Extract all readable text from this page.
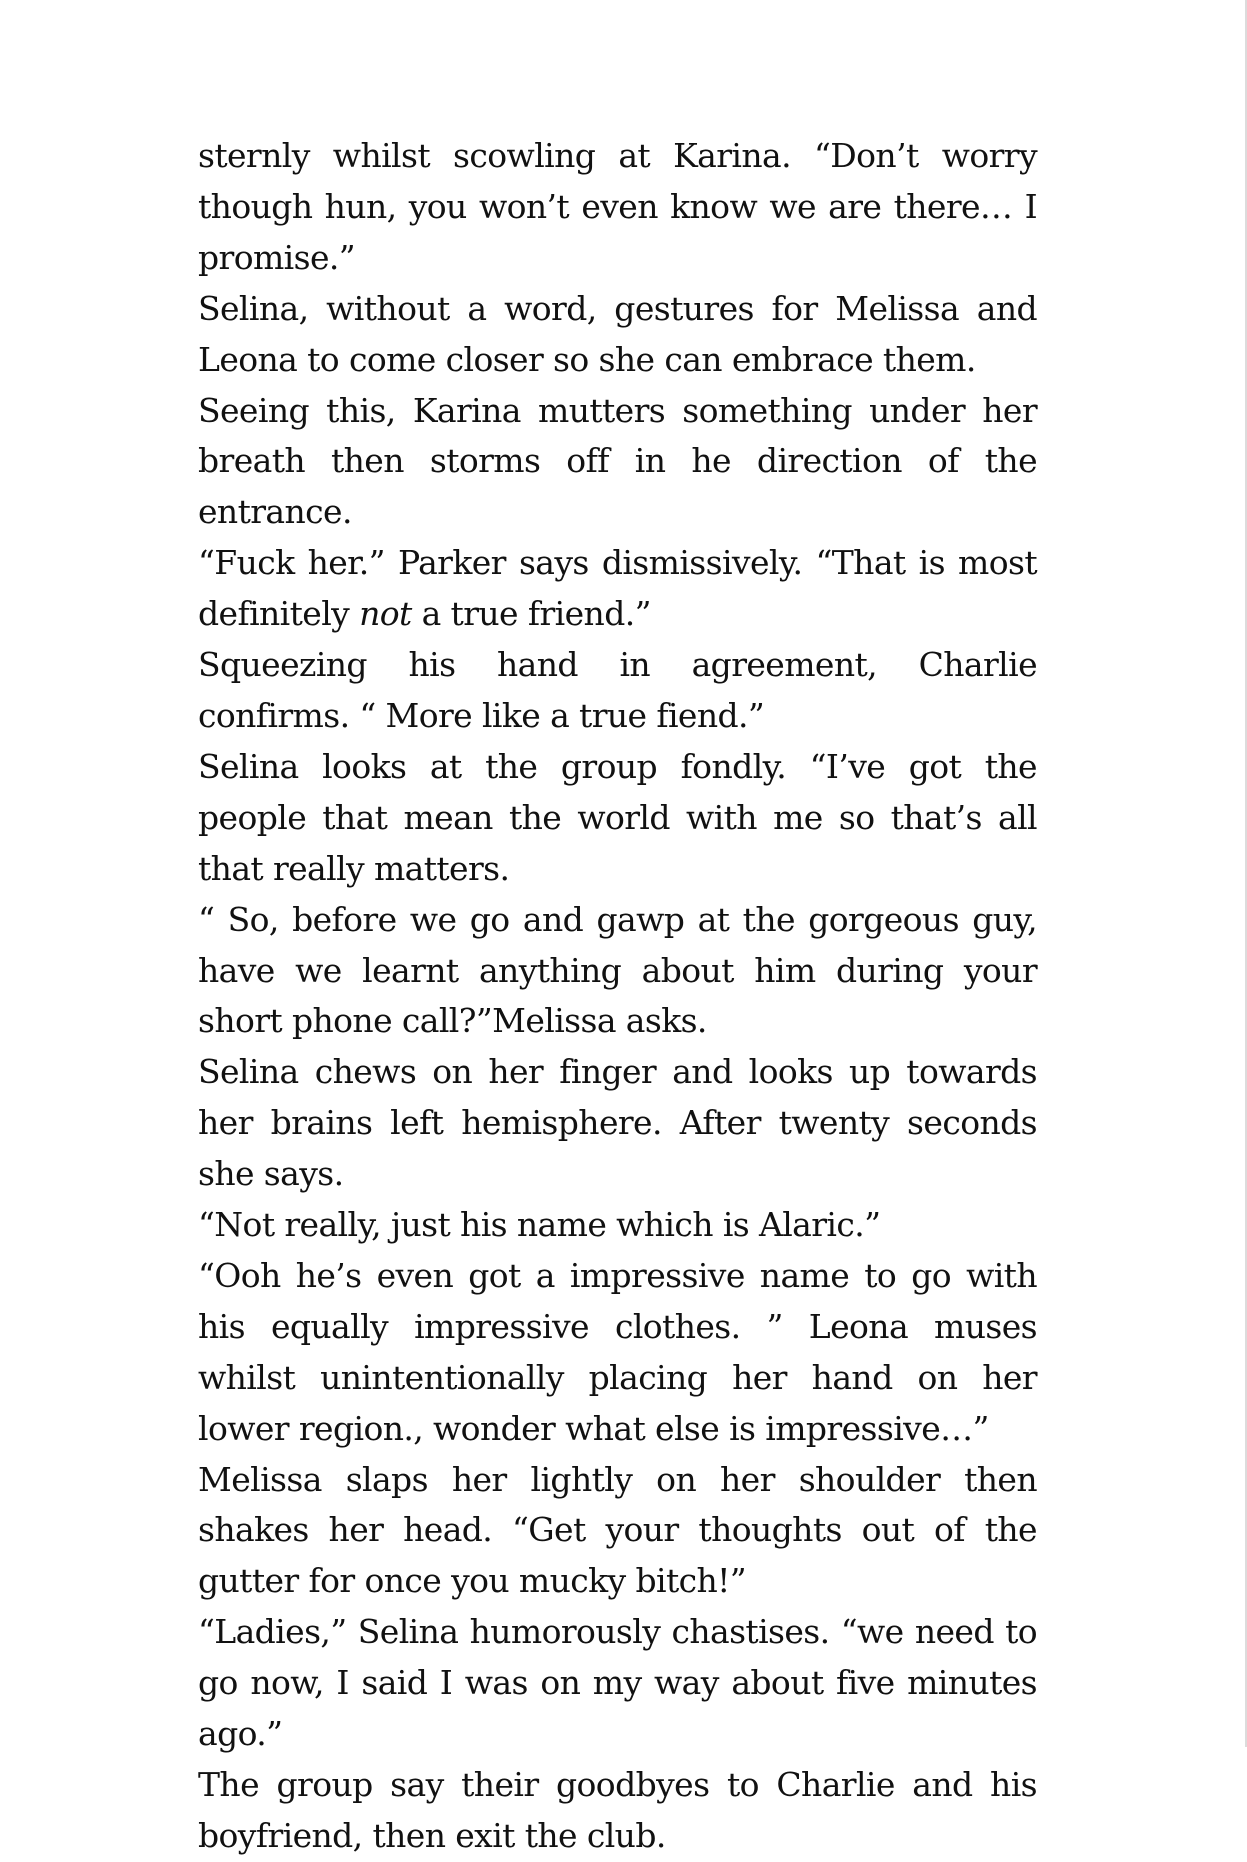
sternly whilst scowling at Karina. “Don’t worry though hun, you won’t even know we are there… I promise.”

Selina, without a word, gestures for Melissa and Leona to come closer so she can embrace them.

Seeing this, Karina mutters something under her breath then storms off in he direction of the entrance.

“Fuck her.” Parker says dismissively. “That is most definitely not a true friend.”

Squeezing his hand in agreement, Charlie confirms. “ More like a true fiend.”

Selina looks at the group fondly. “I’ve got the people that mean the world with me so that’s all that really matters.

“ So, before we go and gawp at the gorgeous guy, have we learnt anything about him during your short phone call?”Melissa asks.

Selina chews on her finger and looks up towards her brains left hemisphere. After twenty seconds she says.

“Not really, just his name which is Alaric.”

“Ooh he’s even got a impressive name to go with his equally impressive clothes. ” Leona muses whilst unintentionally placing her hand on her lower region., wonder what else is impressive…”

Melissa slaps her lightly on her shoulder then shakes her head. “Get your thoughts out of the gutter for once you mucky bitch!”

“Ladies,” Selina humorously chastises. “we need to go now, I said I was on my way about five minutes ago.”

The group say their goodbyes to Charlie and his boyfriend, then exit the club.
